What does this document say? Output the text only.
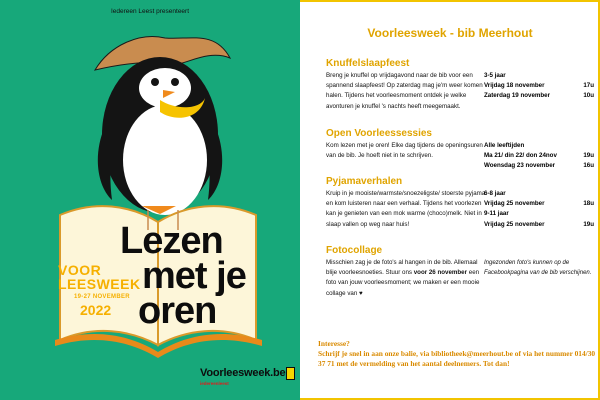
Iedereen Leest presenteert
VOOR
LEESWEEK
19-27 NOVEMBER
2022
Lezen
met je
oren
Voorleesweek.be
iedereenleest
Voorleesweek - bib Meerhout
Knuffelslaapfeest
Breng je knuffel op vrijdagavond naar de bib voor een spannend slaapfeest! Op zaterdag mag je'm weer komen halen. Tijdens het voorleesmoment ontdek je welke avonturen je knuffel 's nachts heeft meegemaakt.
3-5 jaar
Vrijdag 18 november	17u
Zaterdag 19 november	10u
Open Voorleessessies
Kom lezen met je oren! Elke dag tijdens de openingsuren van de bib. Je hoeft niet in te schrijven.
Alle leeftijden
Ma 21/ din 22/ don 24nov	19u
Woensdag 23 november	16u
Pyjamaverhalen
Kruip in je mooiste/warmste/snoezeligste/ stoerste pyjama en kom luisteren naar een verhaal. Tijdens het voorlezen kan je genieten van een mok warme (choco)melk. Niet in slaap vallen op weg naar huis!
6-8 jaar
Vrijdag 25 november	18u
9-11 jaar
Vrijdag 25 november	19u
Fotocollage
Misschien zag je de foto's al hangen in de bib. Allemaal blije voorleesnoeties. Stuur ons voor 26 november een foto van jouw voorleesmoment; we maken er een mooie collage van ♥
Ingezonden foto's kunnen op de Facebookpagina van de bib verschijnen.
Interesse?
Schrijf je snel in aan onze balie, via bibliotheek@meerhout.be of via het nummer 014/30 37 71 met de vermelding van het aantal deelnemers. Tot dan!
